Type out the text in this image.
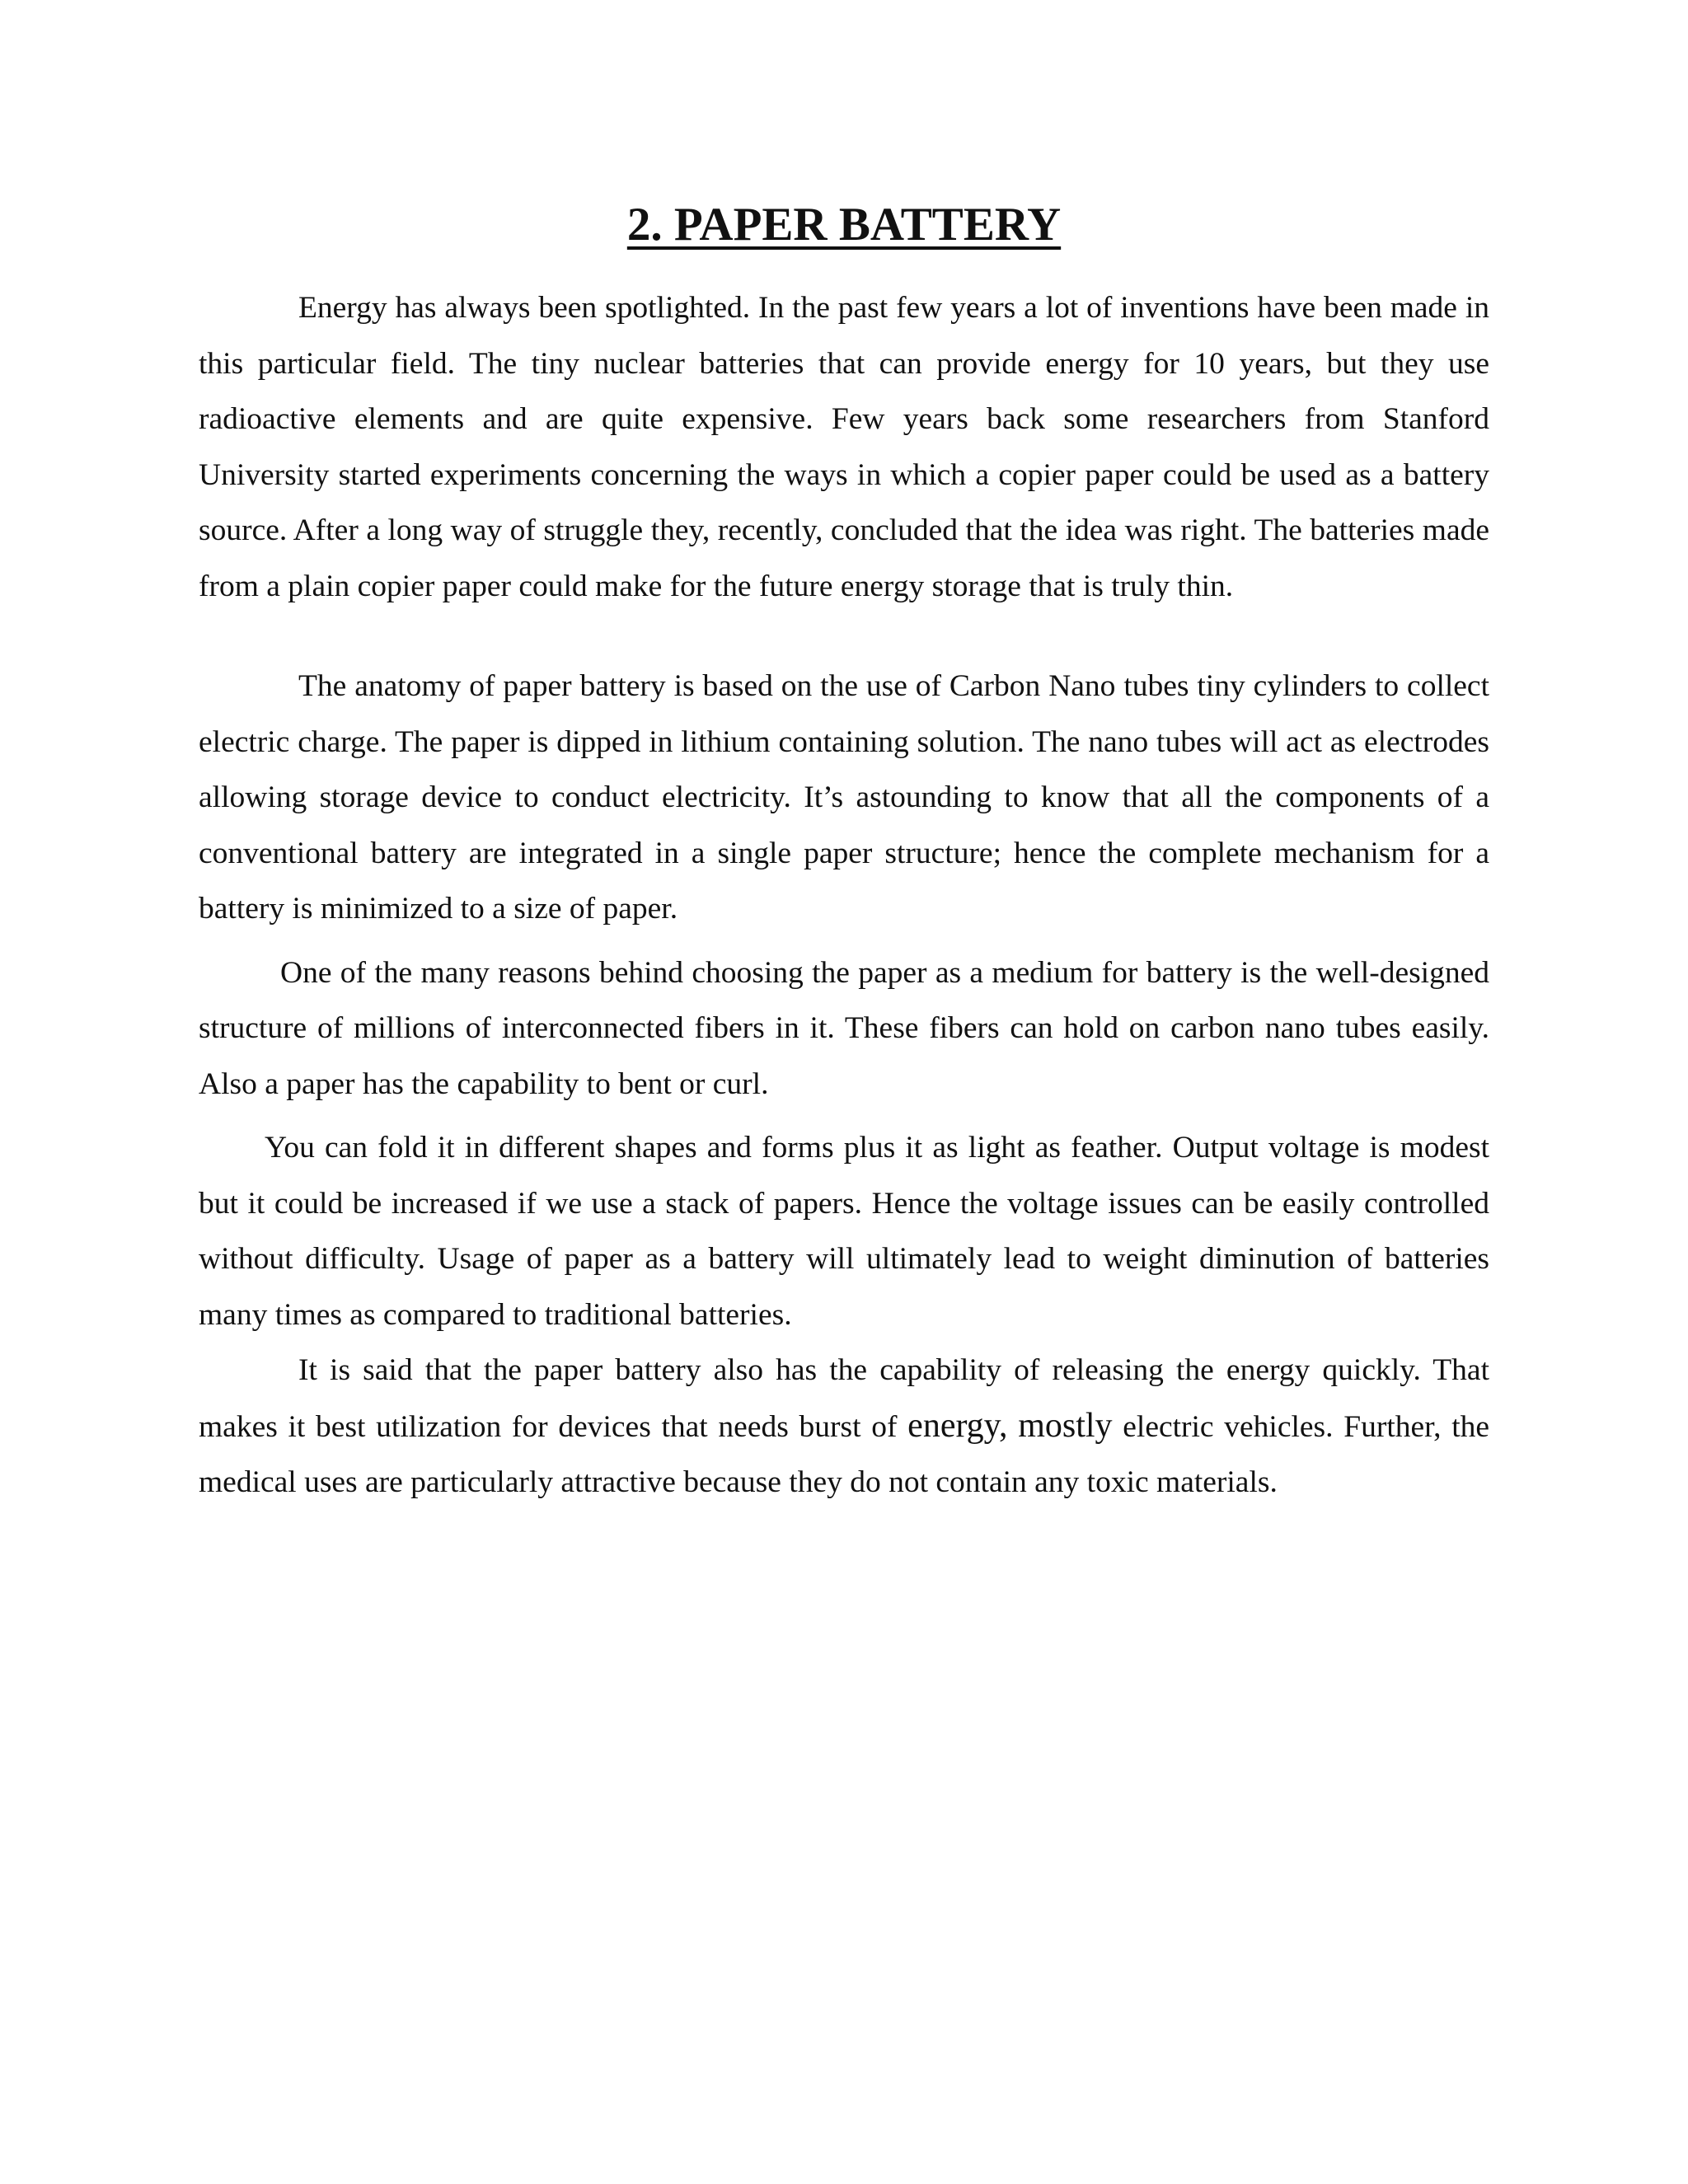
2. PAPER BATTERY

Energy has always been spotlighted. In the past few years a lot of inventions have been made in this particular field. The tiny nuclear batteries that can provide energy for 10 years, but they use radioactive elements and are quite expensive. Few years back some researchers from Stanford University started experiments concerning the ways in which a copier paper could be used as a battery source. After a long way of struggle they, recently, concluded that the idea was right. The batteries made from a plain copier paper could make for the future energy storage that is truly thin.

The anatomy of paper battery is based on the use of Carbon Nano tubes tiny cylinders to collect electric charge. The paper is dipped in lithium containing solution. The nano tubes will act as electrodes allowing storage device to conduct electricity. It’s astounding to know that all the components of a conventional battery are integrated in a single paper structure; hence the complete mechanism for a battery is minimized to a size of paper.

One of the many reasons behind choosing the paper as a medium for battery is the well-designed structure of millions of interconnected fibers in it. These fibers can hold on carbon nano tubes easily. Also a paper has the capability to bent or curl.

You can fold it in different shapes and forms plus it as light as feather. Output voltage is modest but it could be increased if we use a stack of papers. Hence the voltage issues can be easily controlled without difficulty. Usage of paper as a battery will ultimately lead to weight diminution of batteries many times as compared to traditional batteries.

It is said that the paper battery also has the capability of releasing the energy quickly. That makes it best utilization for devices that needs burst of energy, mostly electric vehicles. Further, the medical uses are particularly attractive because they do not contain any toxic materials.
